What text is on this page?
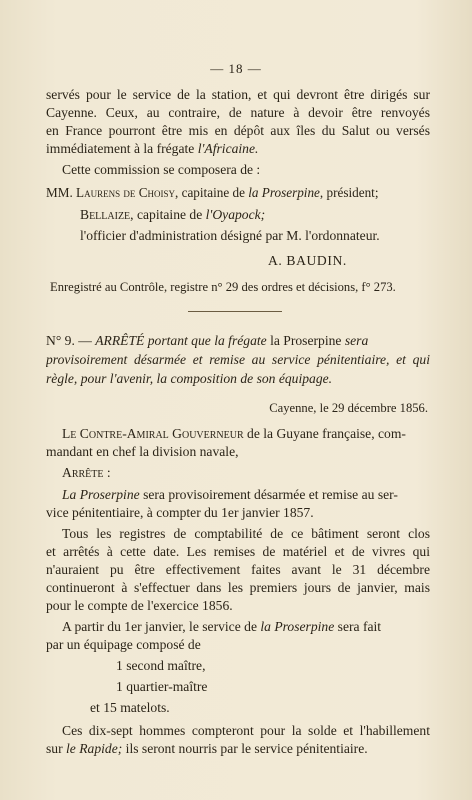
— 18 —
servés pour le service de la station, et qui devront être dirigés sur
Cayenne. Ceux, au contraire, de nature à devoir être renvoyés
en France pourront être mis en dépôt aux îles du Salut ou versés
immédiatement à la frégate l'Africaine.
Cette commission se composera de :
MM. Laurens de Choisy, capitaine de la Proserpine, président;
Bellaize, capitaine de l'Oyapock;
l'officier d'administration désigné par M. l'ordonnateur.
A. BAUDIN.
Enregistré au Contrôle, registre n° 29 des ordres et décisions, f° 273.
N° 9. — ARRÊTÉ portant que la frégate la Proserpine sera
provisoirement désarmée et remise au service pénitentiaire, et qui
règle, pour l'avenir, la composition de son équipage.
Cayenne, le 29 décembre 1856.
Le Contre-Amiral Gouverneur de la Guyane française, com-
mandant en chef la division navale,
Arrête :
La Proserpine sera provisoirement désarmée et remise au ser-
vice pénitentiaire, à compter du 1er janvier 1857.
Tous les registres de comptabilité de ce bâtiment seront clos
et arrêtés à cette date. Les remises de matériel et de vivres qui
n'auraient pu être effectivement faites avant le 31 décembre
continueront à s'effectuer dans les premiers jours de janvier, mais
pour le compte de l'exercice 1856.
A partir du 1er janvier, le service de la Proserpine sera fait
par un équipage composé de
1 second maître,
1 quartier-maître
et 15 matelots.
Ces dix-sept hommes compteront pour la solde et l'habillement
sur le Rapide; ils seront nourris par le service pénitentiaire.
